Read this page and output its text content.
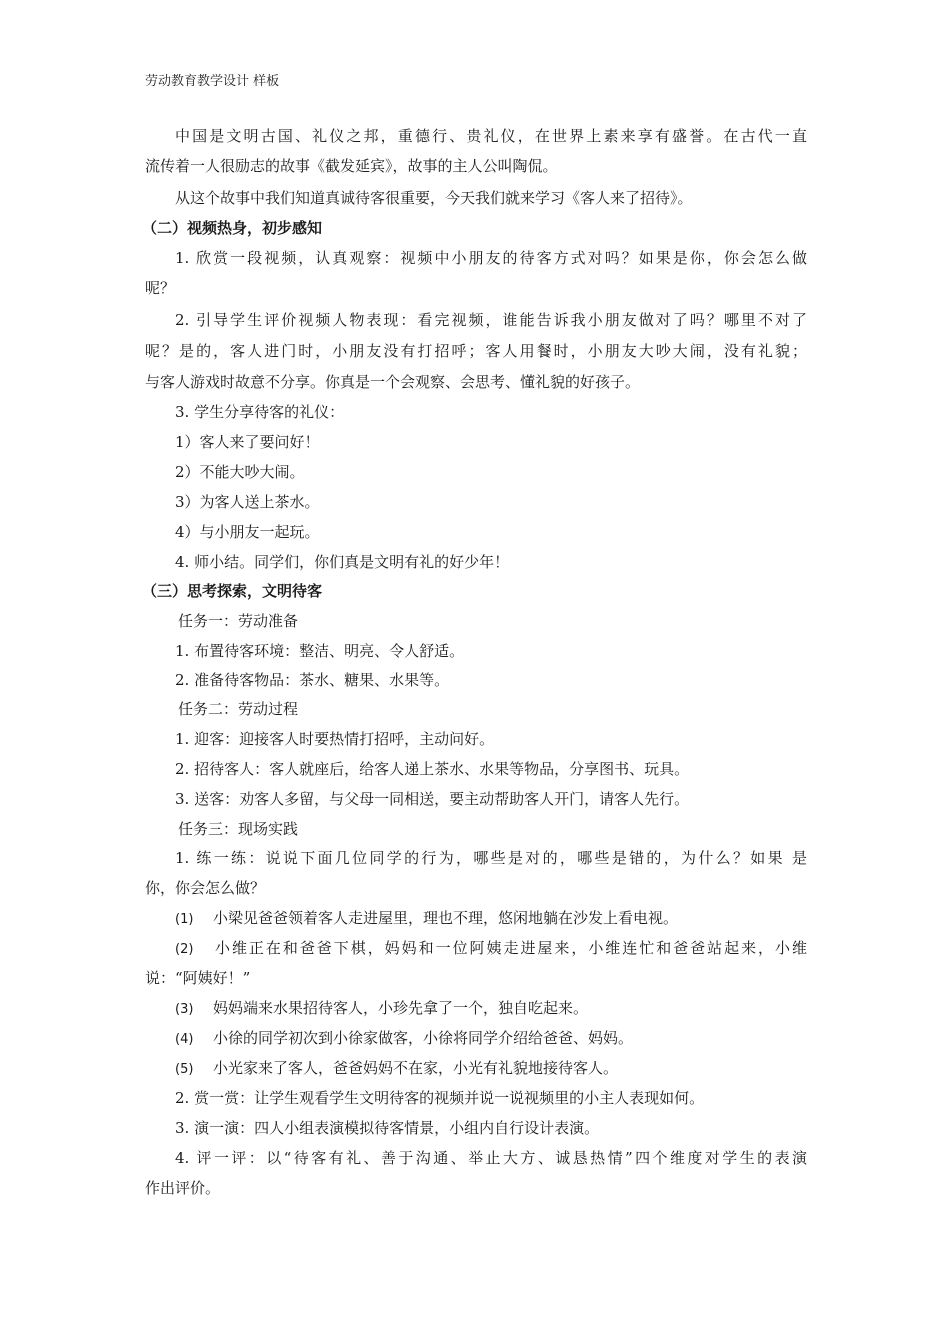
劳动教育教学设计 样板
中国是文明古国、礼仪之邦，重德行、贵礼仪，在世界上素来享有盛誉。在古代一直
流传着一人很励志的故事《截发延宾》，故事的主人公叫陶侃。
从这个故事中我们知道真诚待客很重要，今天我们就来学习《客人来了招待》。
（二）视频热身，初步感知
1. 欣赏一段视频，认真观察：视频中小朋友的待客方式对吗？如果是你，你会怎么做
呢？
2. 引导学生评价视频人物表现：看完视频，谁能告诉我小朋友做对了吗？哪里不对了
呢？是的，客人进门时，小朋友没有打招呼；客人用餐时，小朋友大吵大闹，没有礼貌；
与客人游戏时故意不分享。你真是一个会观察、会思考、懂礼貌的好孩子。
3. 学生分享待客的礼仪：
1）客人来了要问好！
2）不能大吵大闹。
3）为客人送上茶水。
4）与小朋友一起玩。
4. 师小结。同学们，你们真是文明有礼的好少年！
（三）思考探索，文明待客
任务一：劳动准备
1. 布置待客环境：整洁、明亮、令人舒适。
2. 准备待客物品：茶水、糖果、水果等。
任务二：劳动过程
1. 迎客：迎接客人时要热情打招呼，主动问好。
2. 招待客人：客人就座后，给客人递上茶水、水果等物品，分享图书、玩具。
3. 送客：劝客人多留，与父母一同相送，要主动帮助客人开门，请客人先行。
任务三：现场实践
1. 练一练：说说下面几位同学的行为，哪些是对的，哪些是错的，为什么？如果 是
你，你会怎么做？
(1) 小梁见爸爸领着客人走进屋里，理也不理，悠闲地躺在沙发上看电视。
(2) 小维正在和爸爸下棋，妈妈和一位阿姨走进屋来，小维连忙和爸爸站起来，小维
说：“阿姨好！”
(3) 妈妈端来水果招待客人，小珍先拿了一个，独自吃起来。
(4) 小徐的同学初次到小徐家做客，小徐将同学介绍给爸爸、妈妈。
(5) 小光家来了客人，爸爸妈妈不在家，小光有礼貌地接待客人。
2. 赏一赏：让学生观看学生文明待客的视频并说一说视频里的小主人表现如何。
3. 演一演：四人小组表演模拟待客情景，小组内自行设计表演。
4. 评一评：以“待客有礼、善于沟通、举止大方、诚恳热情”四个维度对学生的表演
作出评价。
